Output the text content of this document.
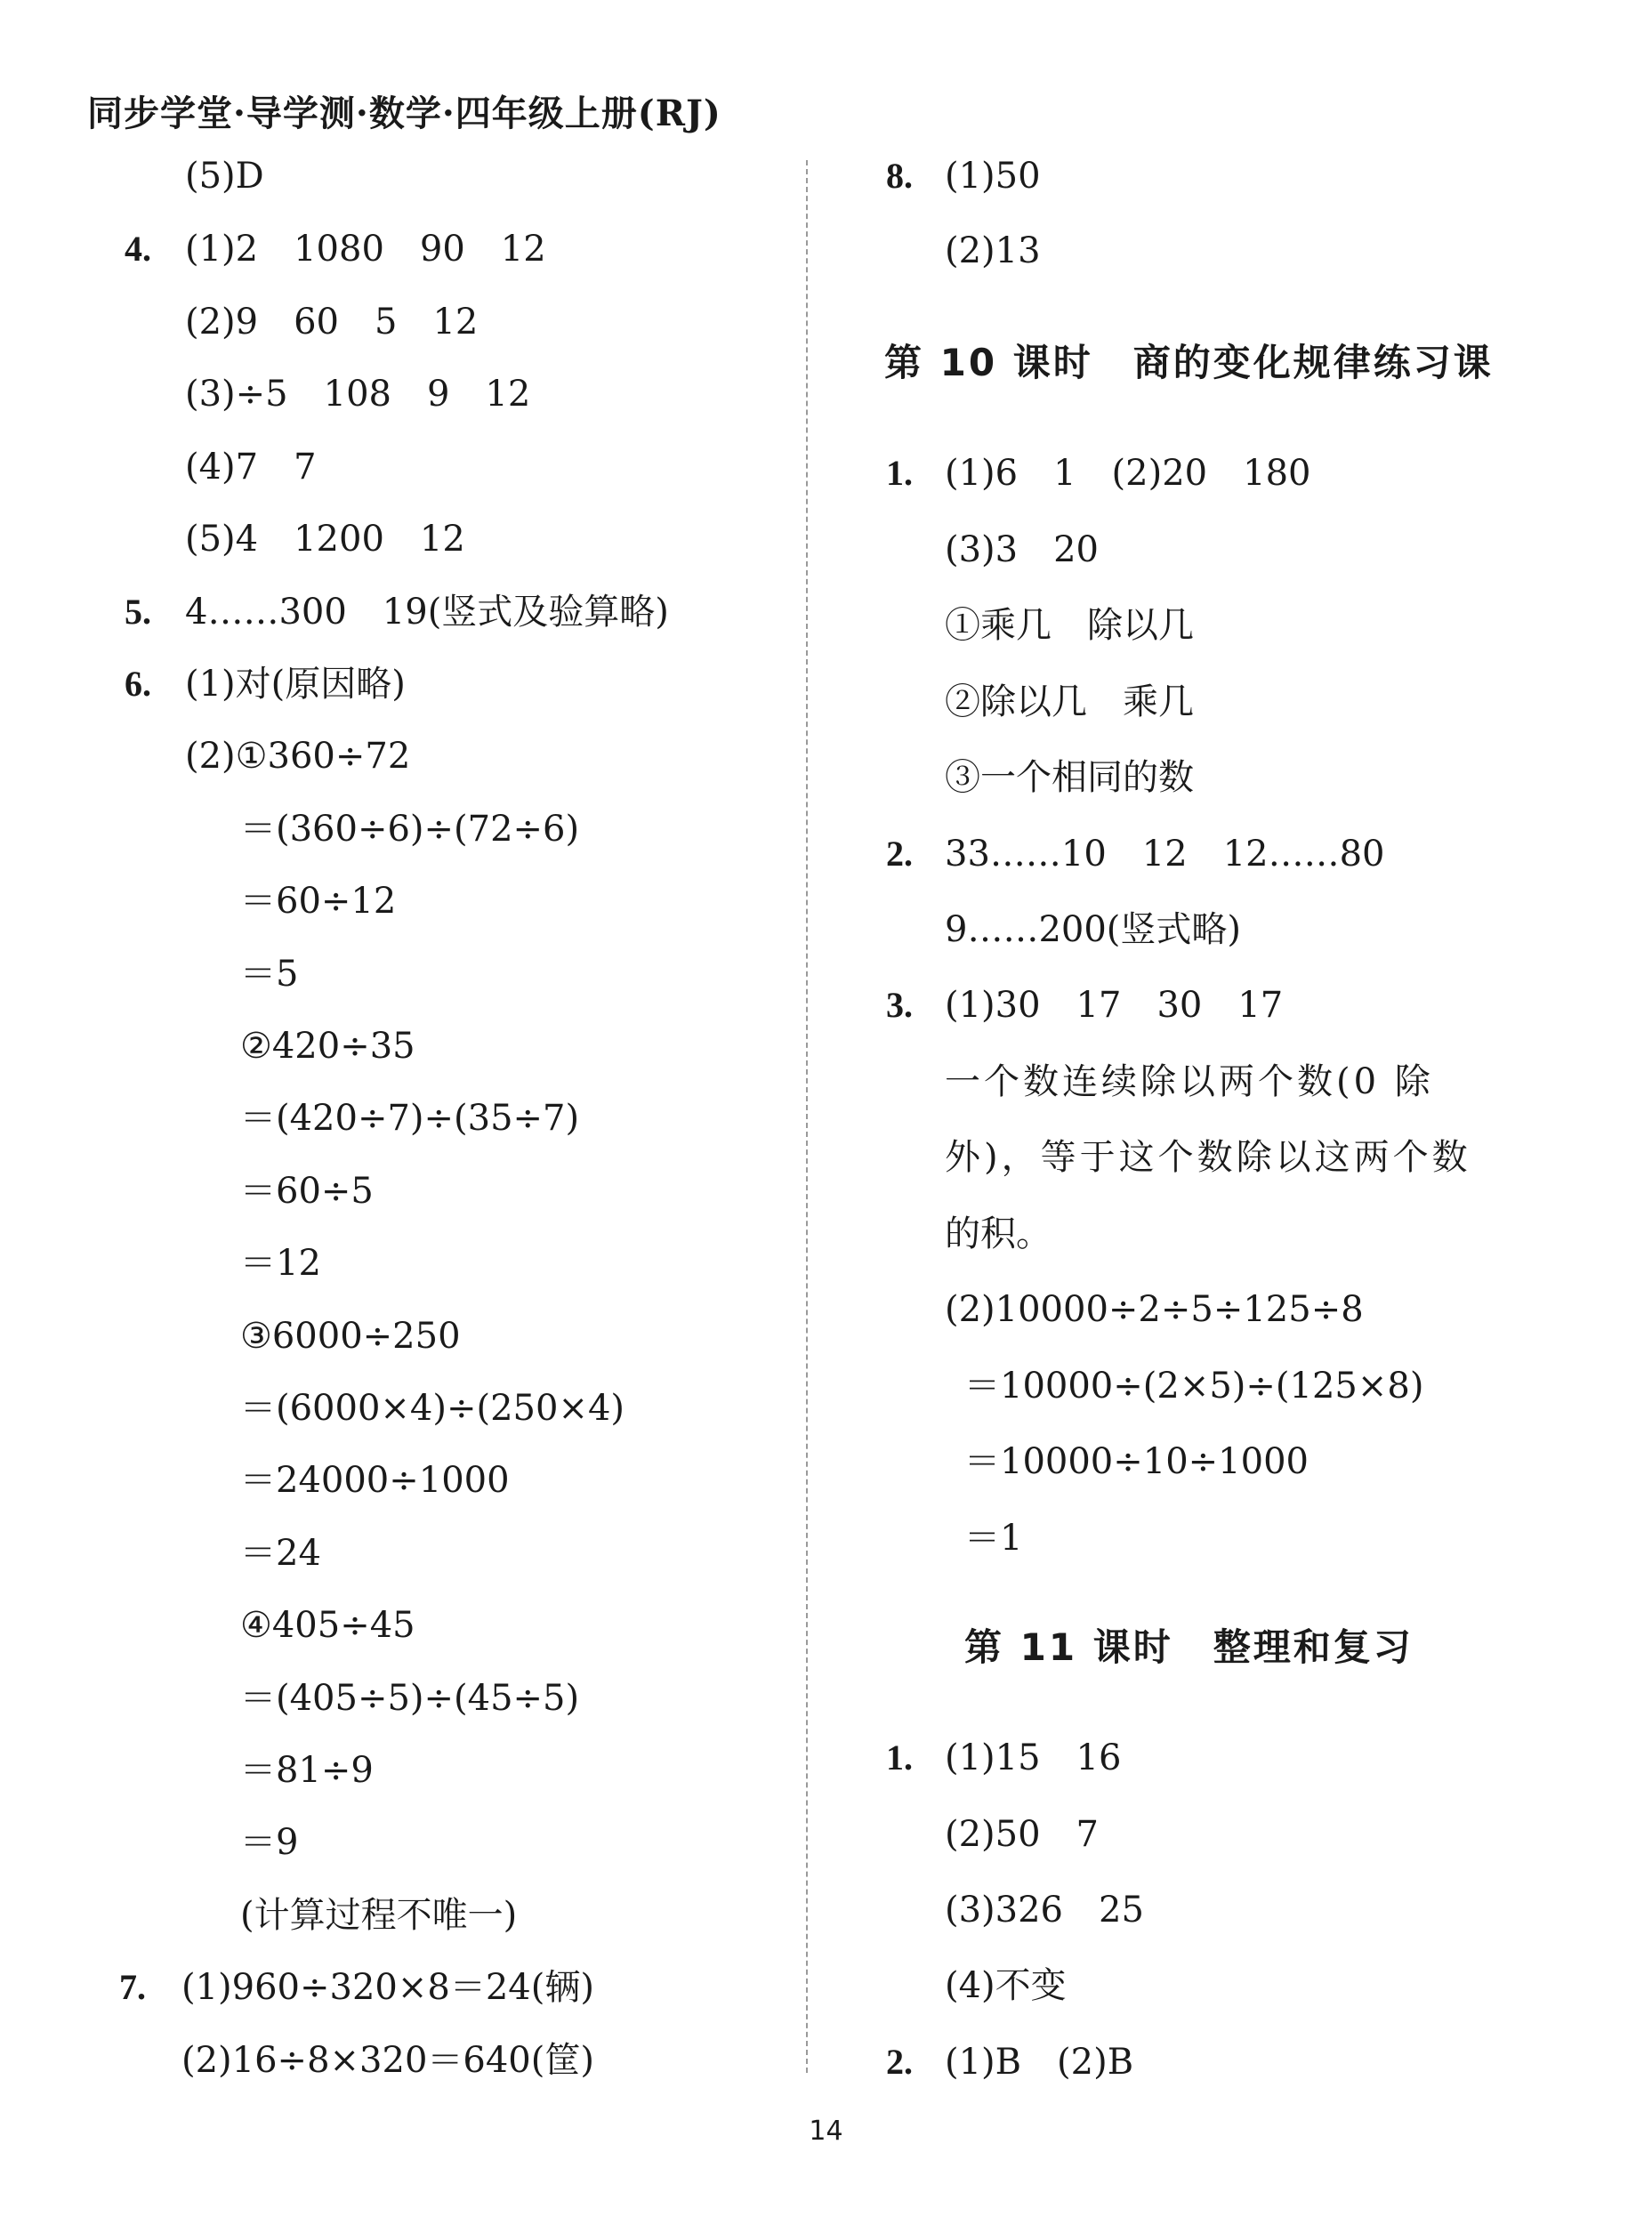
同步学堂·导学测·数学·四年级上册(RJ)
(5)D
4. (1)2　1080　90　12
(2)9　60　5　12
(3)÷5　108　9　12
(4)7　7
(5)4　1200　12
5. 4……300　19(竖式及验算略)
6. (1)对(原因略)
(2)①360÷72
＝(360÷6)÷(72÷6)
＝60÷12
＝5
②420÷35
＝(420÷7)÷(35÷7)
＝60÷5
＝12
③6000÷250
＝(6000×4)÷(250×4)
＝24000÷1000
＝24
④405÷45
＝(405÷5)÷(45÷5)
＝81÷9
＝9
(计算过程不唯一)
7. (1)960÷320×8＝24(辆)
(2)16÷8×320＝640(筐)
8. (1)50
(2)13
第 10 课时　商的变化规律练习课
1. (1)6　1　(2)20　180
(3)3　20
①乘几　除以几
②除以几　乘几
③一个相同的数
2. 33……10　12　12……80
9……200(竖式略)
3. (1)30　17　30　17
一个数连续除以两个数(0 除
外)，等于这个数除以这两个数
的积。
(2)10000÷2÷5÷125÷8
＝10000÷(2×5)÷(125×8)
＝10000÷10÷1000
＝1
第 11 课时　整理和复习
1. (1)15　16
(2)50　7
(3)326　25
(4)不变
2. (1)B　(2)B
14
